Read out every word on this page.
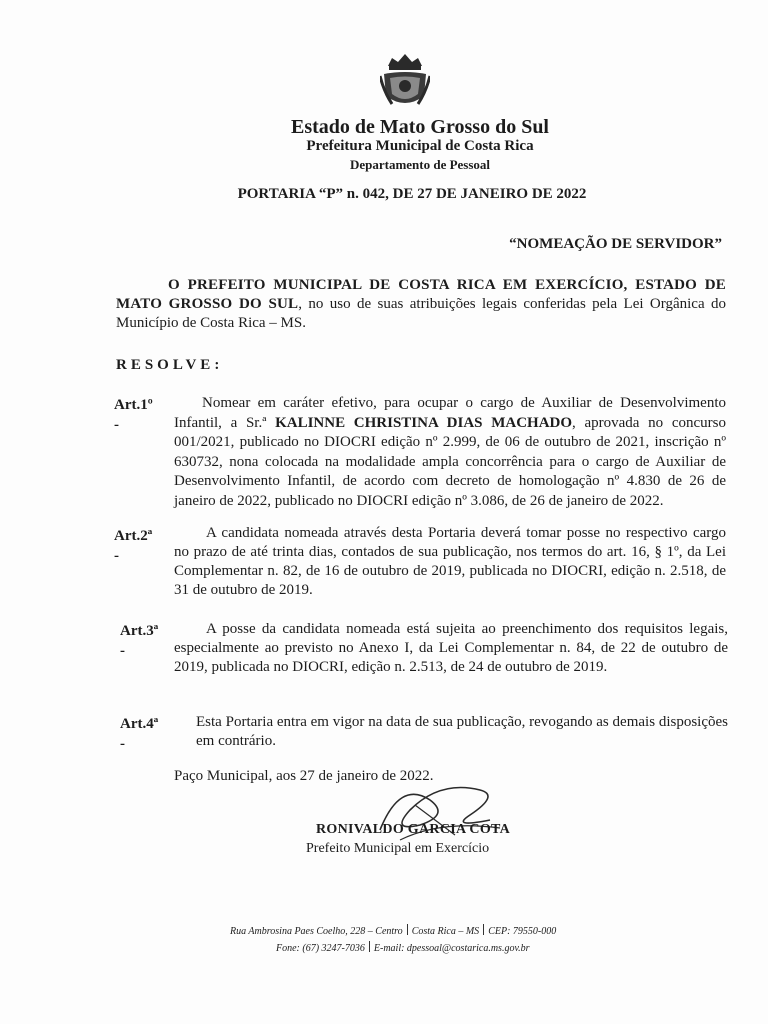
Estado de Mato Grosso do Sul
Prefeitura Municipal de Costa Rica
Departamento de Pessoal
PORTARIA “P” n. 042, DE 27 DE JANEIRO DE 2022
“NOMEAÇÃO DE SERVIDOR”
O PREFEITO MUNICIPAL DE COSTA RICA EM EXERCÍCIO, ESTADO DE MATO GROSSO DO SUL, no uso de suas atribuições legais conferidas pela Lei Orgânica do Município de Costa Rica – MS.
RESOLVE:
Art.1º -
Nomear em caráter efetivo, para ocupar o cargo de Auxiliar de Desenvolvimento Infantil, a Sr.ª KALINNE CHRISTINA DIAS MACHADO, aprovada no concurso 001/2021, publicado no DIOCRI edição nº 2.999, de 06 de outubro de 2021, inscrição nº 630732, nona colocada na modalidade ampla concorrência para o cargo de Auxiliar de Desenvolvimento Infantil, de acordo com decreto de homologação nº 4.830 de 26 de janeiro de 2022, publicado no DIOCRI edição nº 3.086, de 26 de janeiro de 2022.
Art.2ª -
A candidata nomeada através desta Portaria deverá tomar posse no respectivo cargo no prazo de até trinta dias, contados de sua publicação, nos termos do art. 16, § 1º, da Lei Complementar n. 82, de 16 de outubro de 2019, publicada no DIOCRI, edição n. 2.518, de 31 de outubro de 2019.
Art.3ª -
A posse da candidata nomeada está sujeita ao preenchimento dos requisitos legais, especialmente ao previsto no Anexo I, da Lei Complementar n. 84, de 22 de outubro de 2019, publicada no DIOCRI, edição n. 2.513, de 24 de outubro de 2019.
Art.4ª -
Esta Portaria entra em vigor na data de sua publicação, revogando as demais disposições em contrário.
Paço Municipal, aos 27 de janeiro de 2022.
RONIVALDO GARCIA COTA
Prefeito Municipal em Exercício
Rua Ambrosina Paes Coelho, 228 – Centro Costa Rica – MS CEP: 79550-000
Fone: (67) 3247-7036 E-mail: dpessoal@costarica.ms.gov.br
